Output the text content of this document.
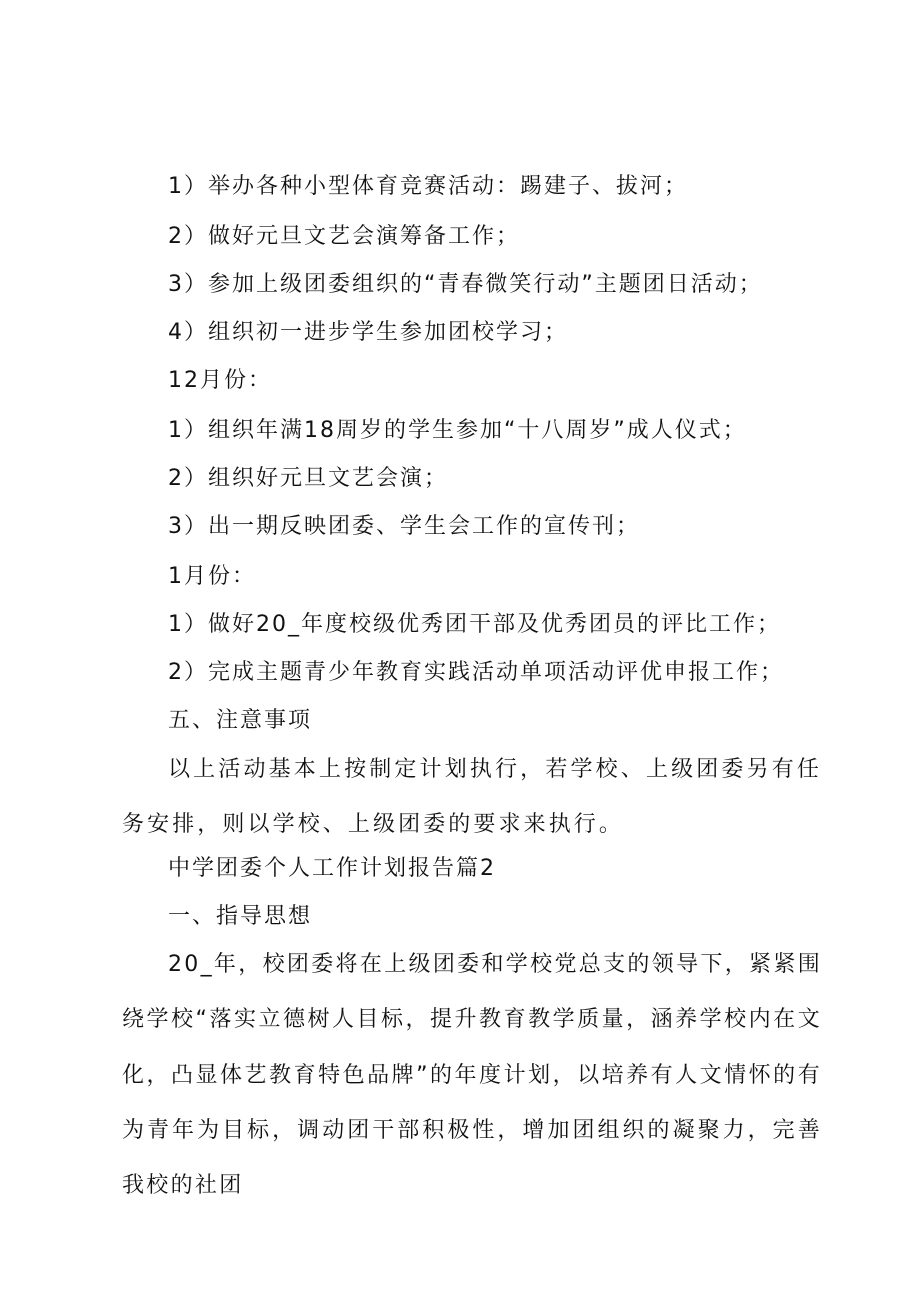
1）举办各种小型体育竞赛活动：踢建子、拔河；
2）做好元旦文艺会演筹备工作；
3）参加上级团委组织的“青春微笑行动”主题团日活动；
4）组织初一进步学生参加团校学习；
12月份：
1）组织年满18周岁的学生参加“十八周岁”成人仪式；
2）组织好元旦文艺会演；
3）出一期反映团委、学生会工作的宣传刊；
1月份：
1）做好20_年度校级优秀团干部及优秀团员的评比工作；
2）完成主题青少年教育实践活动单项活动评优申报工作；
五、注意事项
以上活动基本上按制定计划执行，若学校、上级团委另有任务安排，则以学校、上级团委的要求来执行。
中学团委个人工作计划报告篇2
一、指导思想
20_年，校团委将在上级团委和学校党总支的领导下，紧紧围绕学校“落实立德树人目标，提升教育教学质量，涵养学校内在文化，凸显体艺教育特色品牌”的年度计划，以培养有人文情怀的有为青年为目标，调动团干部积极性，增加团组织的凝聚力，完善我校的社团
